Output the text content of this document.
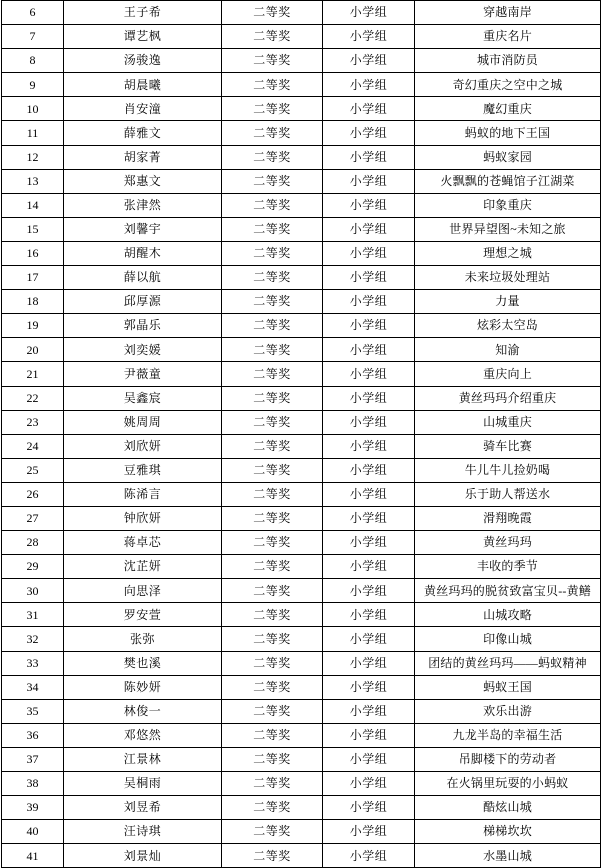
6	王子希	二等奖	小学组	穿越南岸
7	谭艺枫	二等奖	小学组	重庆名片
8	汤骏逸	二等奖	小学组	城市消防员
9	胡晨曦	二等奖	小学组	奇幻重庆之空中之城
10	肖安潼	二等奖	小学组	魔幻重庆
11	薛雅文	二等奖	小学组	蚂蚁的地下王国
12	胡家菁	二等奖	小学组	蚂蚁家园
13	郑惠文	二等奖	小学组	火飘飘的苍蝇馆子江湖菜
14	张津然	二等奖	小学组	印象重庆
15	刘馨宇	二等奖	小学组	世界异望图~未知之旅
16	胡醒木	二等奖	小学组	理想之城
17	薛以航	二等奖	小学组	未来垃圾处理站
18	邱厚源	二等奖	小学组	力量
19	郭晶乐	二等奖	小学组	炫彩太空岛
20	刘奕媛	二等奖	小学组	知渝
21	尹薇童	二等奖	小学组	重庆向上
22	吴鑫宸	二等奖	小学组	黄丝玛玛介绍重庆
23	姚周周	二等奖	小学组	山城重庆
24	刘欣妍	二等奖	小学组	骑车比赛
25	豆雅琪	二等奖	小学组	牛儿牛儿捡奶喝
26	陈浠言	二等奖	小学组	乐于助人帮送水
27	钟欣妍	二等奖	小学组	滑翔晚霞
28	蒋卓芯	二等奖	小学组	黄丝玛玛
29	沈芷妍	二等奖	小学组	丰收的季节
30	向思泽	二等奖	小学组	黄丝玛玛的脱贫致富宝贝--黄鳝
31	罗安萱	二等奖	小学组	山城攻略
32	张弥	二等奖	小学组	印像山城
33	樊也溪	二等奖	小学组	团结的黄丝玛玛——蚂蚁精神
34	陈妙妍	二等奖	小学组	蚂蚁王国
35	林俊一	二等奖	小学组	欢乐出游
36	邓悠然	二等奖	小学组	九龙半岛的幸福生活
37	江景林	二等奖	小学组	吊脚楼下的劳动者
38	吴桐雨	二等奖	小学组	在火锅里玩耍的小蚂蚁
39	刘昱希	二等奖	小学组	酷炫山城
40	汪诗琪	二等奖	小学组	梯梯坎坎
41	刘景灿	二等奖	小学组	水墨山城
